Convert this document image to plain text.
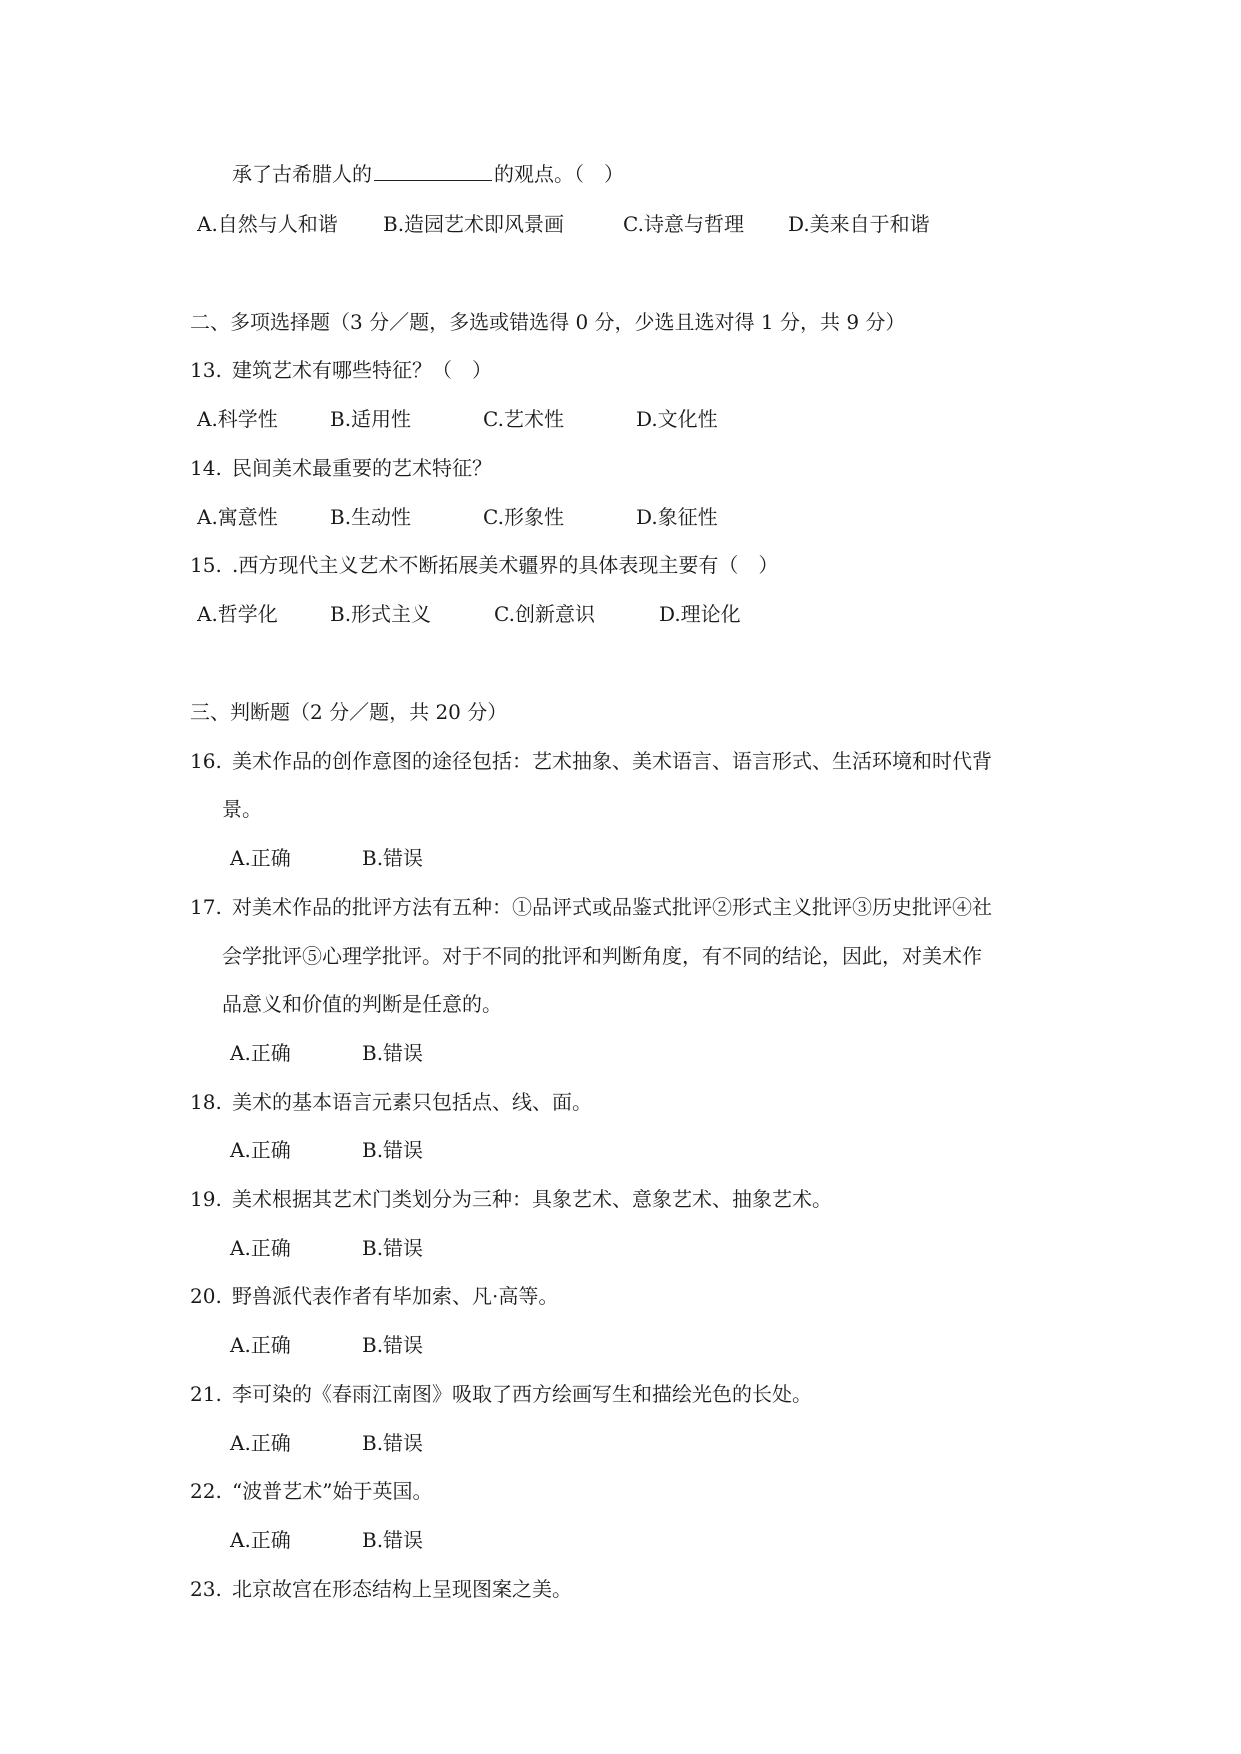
承了古希腊人的	的观点。（　）
A.自然与人和谐 B.造园艺术即风景画	C.诗意与哲理 D.美来自于和谐
二、多项选择题（3 分／题，多选或错选得 0 分，少选且选对得 1 分，共 9 分）
13. 建筑艺术有哪些特征？（　）
A.科学性	B.适用性	C.艺术性	D.文化性
14. 民间美术最重要的艺术特征？
A.寓意性	B.生动性	C.形象性	D.象征性
15. .西方现代主义艺术不断拓展美术疆界的具体表现主要有（　）
A.哲学化	B.形式主义	C.创新意识	D.理论化
三、判断题（2 分／题，共 20 分）
16. 美术作品的创作意图的途径包括：艺术抽象、美术语言、语言形式、生活环境和时代背
景。
A.正确	B.错误
17. 对美术作品的批评方法有五种：①品评式或品鉴式批评②形式主义批评③历史批评④社
会学批评⑤心理学批评。对于不同的批评和判断角度，有不同的结论，因此，对美术作
品意义和价值的判断是任意的。
A.正确	B.错误
18. 美术的基本语言元素只包括点、线、面。
A.正确	B.错误
19. 美术根据其艺术门类划分为三种：具象艺术、意象艺术、抽象艺术。
A.正确	B.错误
20. 野兽派代表作者有毕加索、凡·高等。
A.正确	B.错误
21. 李可染的《春雨江南图》吸取了西方绘画写生和描绘光色的长处。
A.正确	B.错误
22. “波普艺术”始于英国。
A.正确	B.错误
23. 北京故宫在形态结构上呈现图案之美。
